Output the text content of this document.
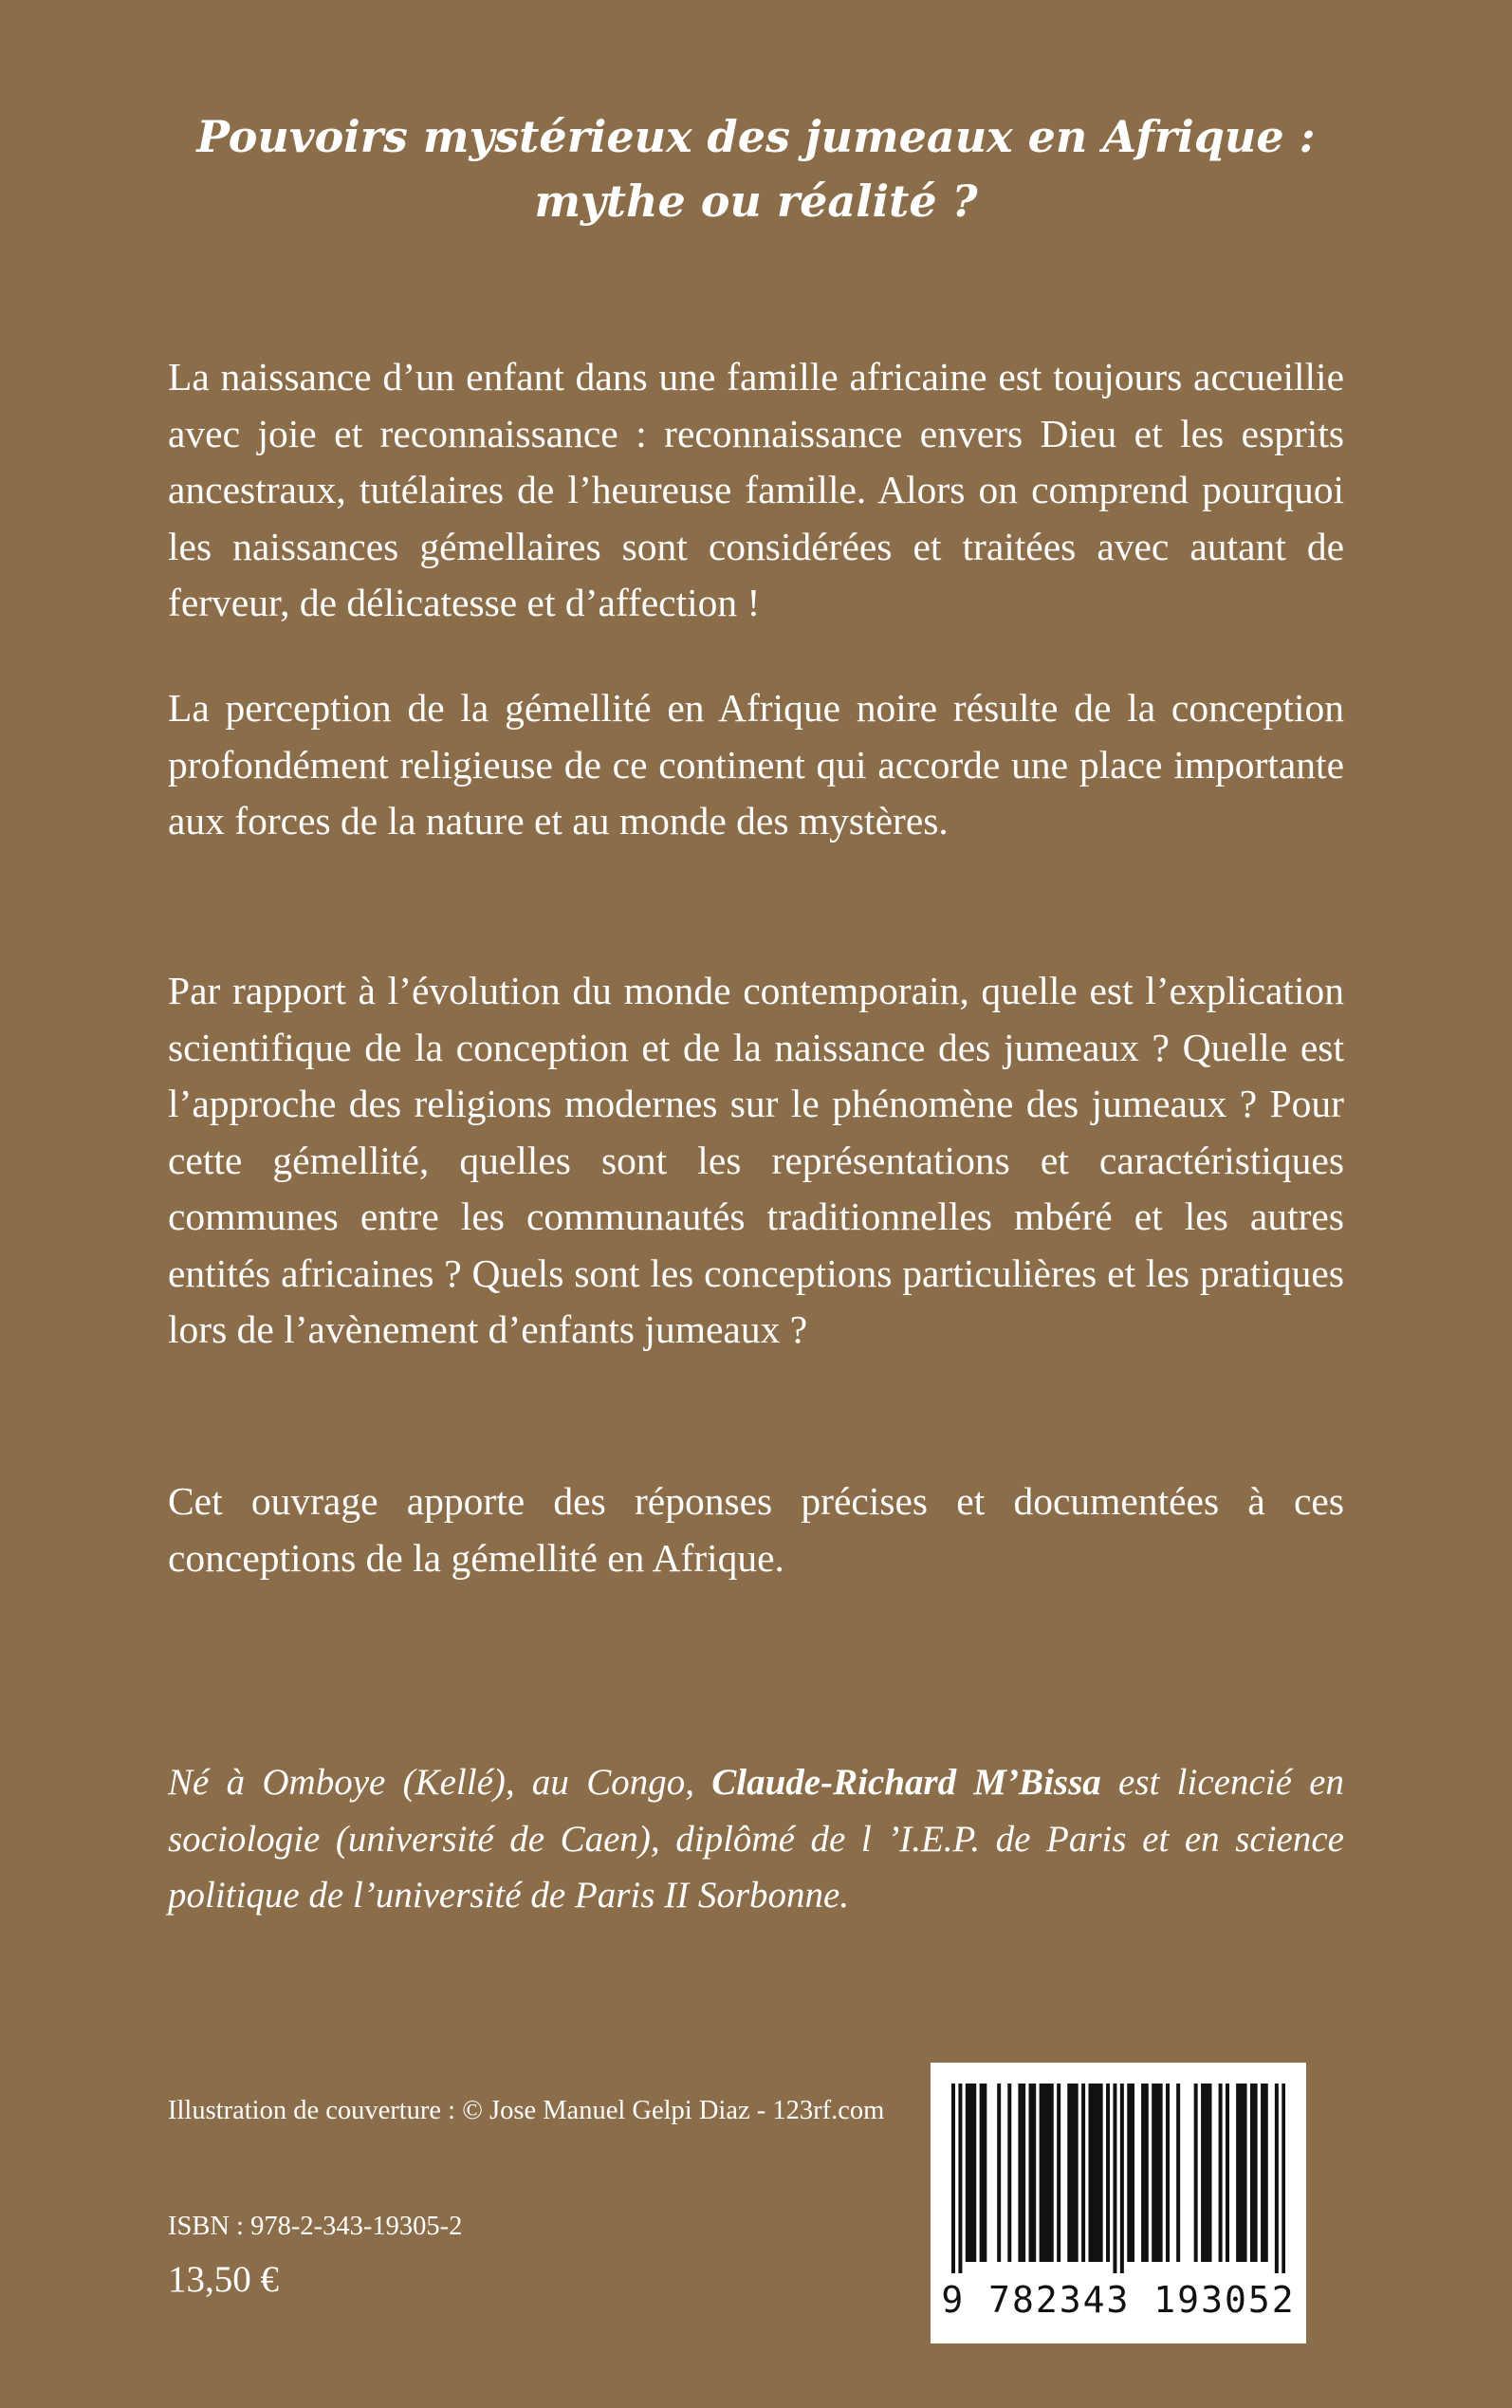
Pouvoirs mystérieux des jumeaux en Afrique :
mythe ou réalité ?
La naissance d’un enfant dans une famille africaine est toujours accueillie avec joie et reconnaissance : reconnaissance envers Dieu et les esprits ancestraux, tutélaires de l’heureuse famille. Alors on comprend pourquoi les naissances gémellaires sont considérées et traitées avec autant de ferveur, de délicatesse et d’affection !
La perception de la gémellité en Afrique noire résulte de la conception profondément religieuse de ce continent qui accorde une place importante aux forces de la nature et au monde des mystères.
Par rapport à l’évolution du monde contemporain, quelle est l’explication scientifique de la conception et de la naissance des jumeaux ? Quelle est l’approche des religions modernes sur le phénomène des jumeaux ? Pour cette gémellité, quelles sont les représentations et caractéristiques communes entre les communautés traditionnelles mbéré et les autres entités africaines ? Quels sont les conceptions particulières et les pratiques lors de l’avènement d’enfants jumeaux ?
Cet ouvrage apporte des réponses précises et documentées à ces conceptions de la gémellité en Afrique.
Né à Omboye (Kellé), au Congo, Claude-Richard M’Bissa est licencié en sociologie (université de Caen), diplômé de l ’I.E.P. de Paris et en science politique de l’université de Paris II Sorbonne.
Illustration de couverture : © Jose Manuel Gelpi Diaz - 123rf.com
ISBN : 978-2-343-19305-2
13,50 €	9 782343 193052
